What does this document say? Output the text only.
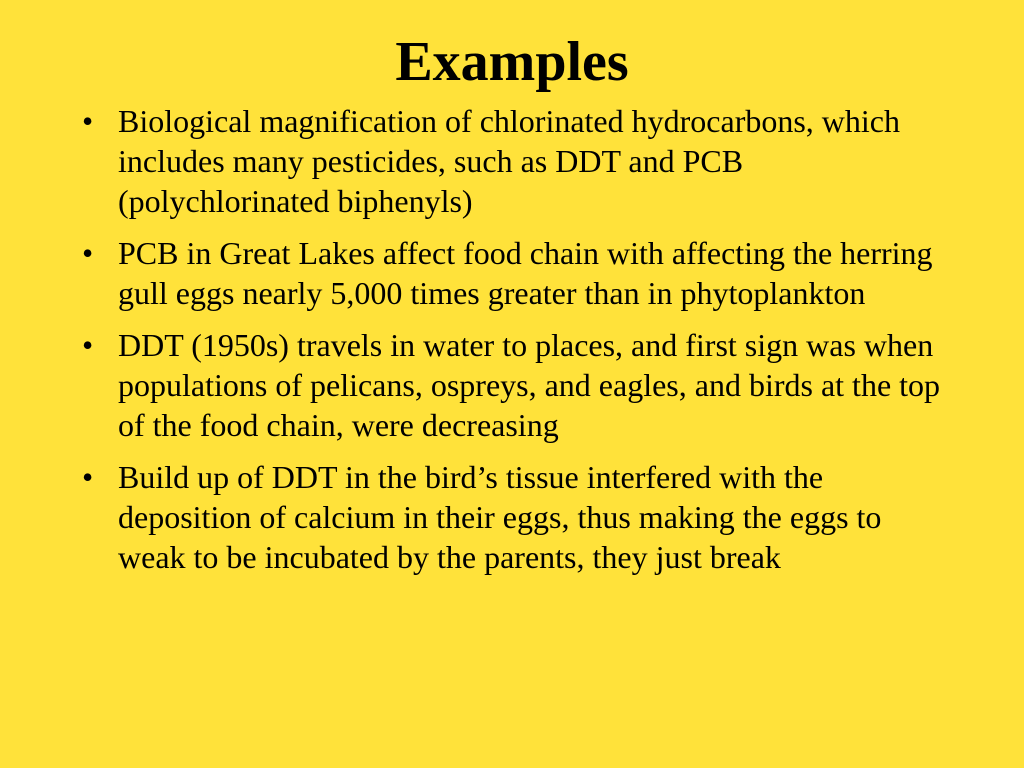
Examples
• Biological magnification of chlorinated hydrocarbons, which includes many pesticides, such as DDT and PCB (polychlorinated biphenyls)
• PCB in Great Lakes affect food chain with affecting the herring gull eggs nearly 5,000 times greater than in phytoplankton
• DDT (1950s) travels in water to places, and first sign was when populations of pelicans, ospreys, and eagles, and birds at the top of the food chain, were decreasing
• Build up of DDT in the bird’s tissue interfered with the deposition of calcium in their eggs, thus making the eggs to weak to be incubated by the parents, they just break
